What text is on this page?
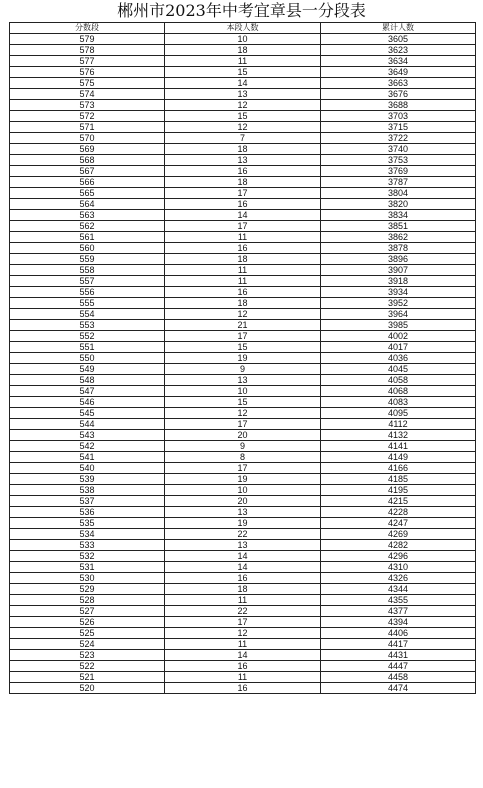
郴州市2023年中考宜章县一分段表
分数段	本段人数	累计人数
579	10	3605
578	18	3623
577	11	3634
576	15	3649
575	14	3663
574	13	3676
573	12	3688
572	15	3703
571	12	3715
570	7	3722
569	18	3740
568	13	3753
567	16	3769
566	18	3787
565	17	3804
564	16	3820
563	14	3834
562	17	3851
561	11	3862
560	16	3878
559	18	3896
558	11	3907
557	11	3918
556	16	3934
555	18	3952
554	12	3964
553	21	3985
552	17	4002
551	15	4017
550	19	4036
549	9	4045
548	13	4058
547	10	4068
546	15	4083
545	12	4095
544	17	4112
543	20	4132
542	9	4141
541	8	4149
540	17	4166
539	19	4185
538	10	4195
537	20	4215
536	13	4228
535	19	4247
534	22	4269
533	13	4282
532	14	4296
531	14	4310
530	16	4326
529	18	4344
528	11	4355
527	22	4377
526	17	4394
525	12	4406
524	11	4417
523	14	4431
522	16	4447
521	11	4458
520	16	4474
